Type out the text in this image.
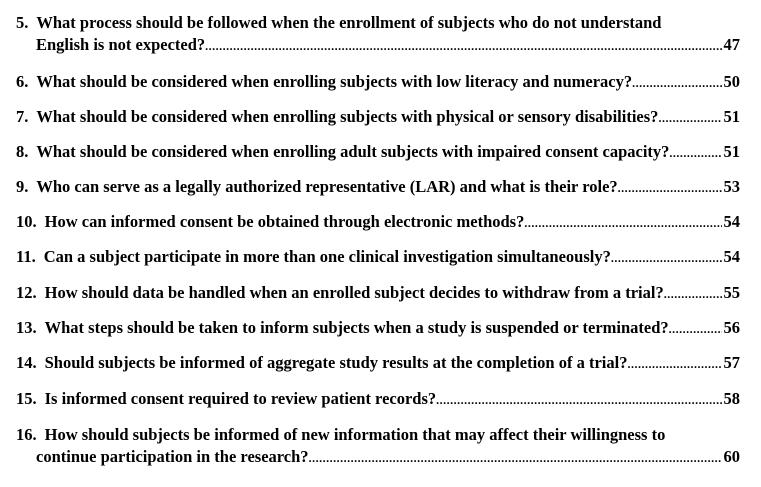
5. What process should be followed when the enrollment of subjects who do not understand
English is not expected? .....	47
6. What should be considered when enrolling subjects with low literacy and numeracy? .....	50
7. What should be considered when enrolling subjects with physical or sensory disabilities? .....	51
8. What should be considered when enrolling adult subjects with impaired consent capacity? .....	51
9. Who can serve as a legally authorized representative (LAR) and what is their role? .....	53
10. How can informed consent be obtained through electronic methods? .....	54
11. Can a subject participate in more than one clinical investigation simultaneously? .....	54
12. How should data be handled when an enrolled subject decides to withdraw from a trial? .....	55
13. What steps should be taken to inform subjects when a study is suspended or terminated? .....	56
14. Should subjects be informed of aggregate study results at the completion of a trial? .....	57
15. Is informed consent required to review patient records? .....	58
16. How should subjects be informed of new information that may affect their willingness to
continue participation in the research? .....	60
